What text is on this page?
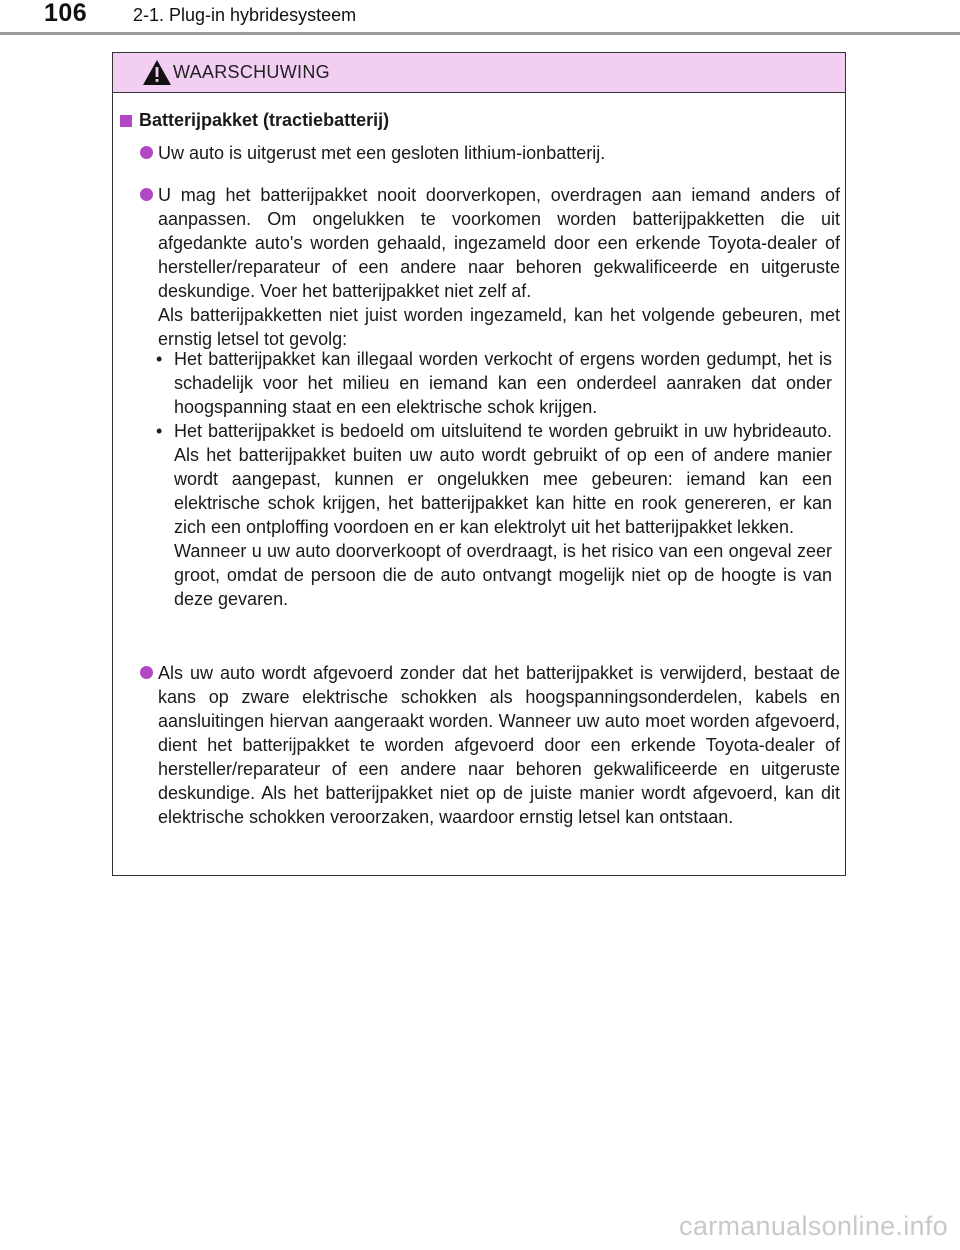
106	2-1. Plug-in hybridesysteem
WAARSCHUWING
Batterijpakket (tractiebatterij)
Uw auto is uitgerust met een gesloten lithium-ionbatterij.
U mag het batterijpakket nooit doorverkopen, overdragen aan iemand anders of aanpassen. Om ongelukken te voorkomen worden batterijpakketten die uit afgedankte auto's worden gehaald, ingezameld door een erkende Toyota-dealer of hersteller/reparateur of een andere naar behoren gekwalificeerde en uitgeruste deskundige. Voer het batterijpakket niet zelf af.
Als batterijpakketten niet juist worden ingezameld, kan het volgende gebeuren, met ernstig letsel tot gevolg:
• Het batterijpakket kan illegaal worden verkocht of ergens worden gedumpt, het is schadelijk voor het milieu en iemand kan een onderdeel aanraken dat onder hoogspanning staat en een elektrische schok krijgen.
• Het batterijpakket is bedoeld om uitsluitend te worden gebruikt in uw hybrideauto. Als het batterijpakket buiten uw auto wordt gebruikt of op een of andere manier wordt aangepast, kunnen er ongelukken mee gebeuren: iemand kan een elektrische schok krijgen, het batterijpakket kan hitte en rook genereren, er kan zich een ontploffing voordoen en er kan elektrolyt uit het batterijpakket lekken.
Wanneer u uw auto doorverkoopt of overdraagt, is het risico van een ongeval zeer groot, omdat de persoon die de auto ontvangt mogelijk niet op de hoogte is van deze gevaren.
Als uw auto wordt afgevoerd zonder dat het batterijpakket is verwijderd, bestaat de kans op zware elektrische schokken als hoogspanningsonderdelen, kabels en aansluitingen hiervan aangeraakt worden. Wanneer uw auto moet worden afgevoerd, dient het batterijpakket te worden afgevoerd door een erkende Toyota-dealer of hersteller/reparateur of een andere naar behoren gekwalificeerde en uitgeruste deskundige. Als het batterijpakket niet op de juiste manier wordt afgevoerd, kan dit elektrische schokken veroorzaken, waardoor ernstig letsel kan ontstaan.
carmanualsonline.info
